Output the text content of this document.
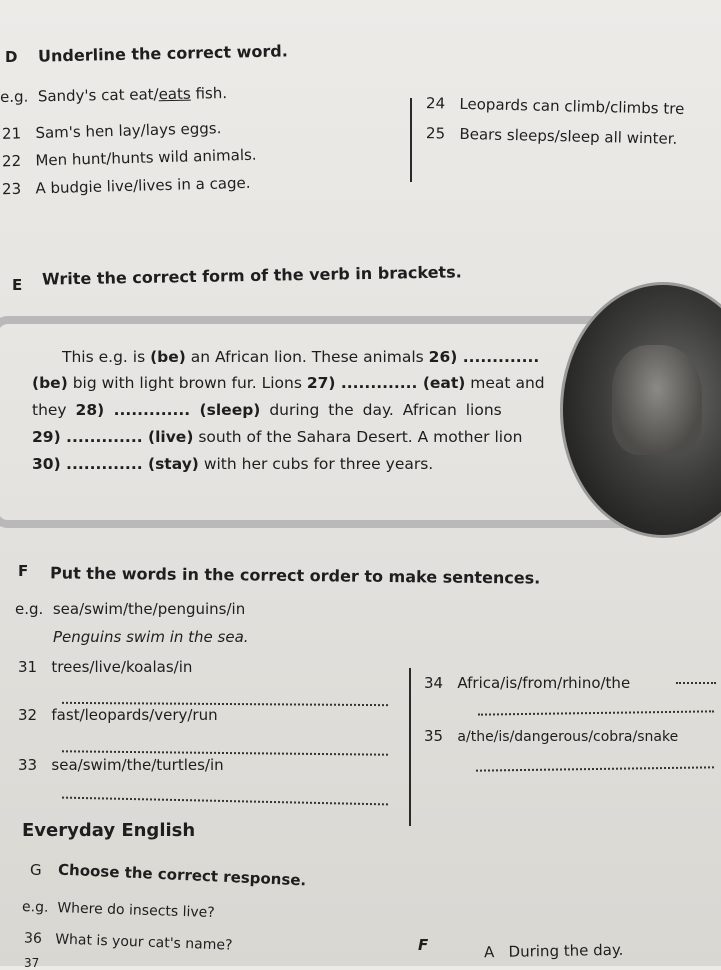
D Underline the correct word.
e.g. Sandy's cat eat/eats fish.
21 Sam's hen lay/lays eggs.
22 Men hunt/hunts wild animals.
23 A budgie live/lives in a cage.
24 Leopards can climb/climbs tre
25 Bears sleeps/sleep all winter.
E Write the correct form of the verb in brackets.
This e.g. is (be) an African lion. These animals 26) .............
(be) big with light brown fur. Lions 27) ............. (eat) meat and
they 28) ............. (sleep) during the day. African lions
29) ............. (live) south of the Sahara Desert. A mother lion
30) ............. (stay) with her cubs for three years.
F Put the words in the correct order to make sentences.
e.g. sea/swim/the/penguins/in
Penguins swim in the sea.
31 trees/live/koalas/in
32 fast/leopards/very/run
33 sea/swim/the/turtles/in
34 Africa/is/from/rhino/the
35 a/the/is/dangerous/cobra/snake
Everyday English
G Choose the correct response.
e.g. Where do insects live?
36 What is your cat's name?
37
F	A During the day.
